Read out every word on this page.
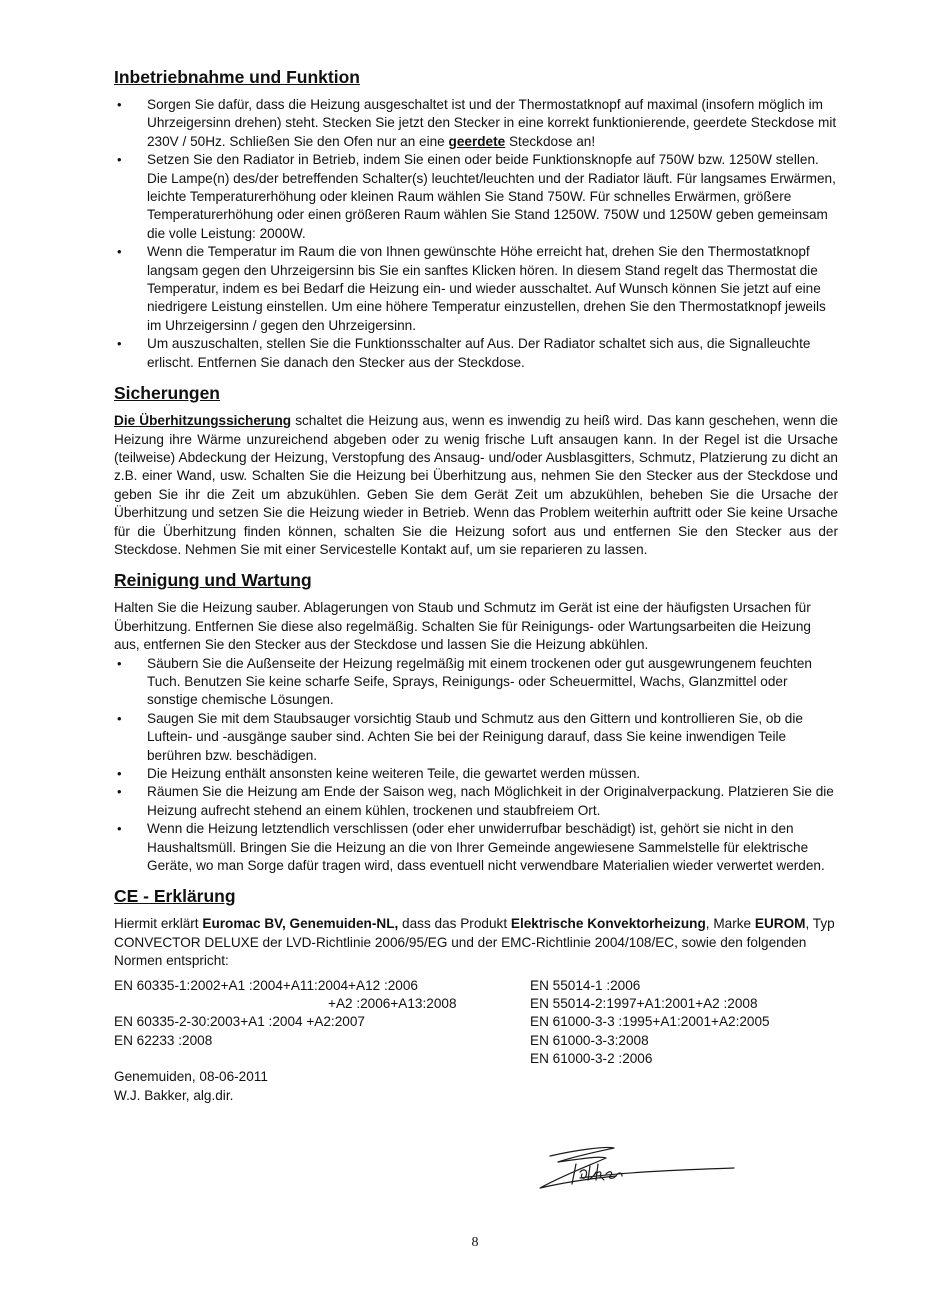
Inbetriebnahme und Funktion
• Sorgen Sie dafür, dass die Heizung ausgeschaltet ist und der Thermostatknopf auf maximal (insofern möglich im Uhrzeigersinn drehen) steht. Stecken Sie jetzt den Stecker in eine korrekt funktionierende, geerdete Steckdose mit 230V / 50Hz. Schließen Sie den Ofen nur an eine geerdete Steckdose an!
• Setzen Sie den Radiator in Betrieb, indem Sie einen oder beide Funktionsknopfe auf 750W bzw. 1250W stellen. Die Lampe(n) des/der betreffenden Schalter(s) leuchtet/leuchten und der Radiator läuft. Für langsames Erwärmen, leichte Temperaturerhöhung oder kleinen Raum wählen Sie Stand 750W. Für schnelles Erwärmen, größere Temperaturerhöhung oder einen größeren Raum wählen Sie Stand 1250W. 750W und 1250W geben gemeinsam die volle Leistung: 2000W.
• Wenn die Temperatur im Raum die von Ihnen gewünschte Höhe erreicht hat, drehen Sie den Thermostatknopf langsam gegen den Uhrzeigersinn bis Sie ein sanftes Klicken hören. In diesem Stand regelt das Thermostat die Temperatur, indem es bei Bedarf die Heizung ein- und wieder ausschaltet. Auf Wunsch können Sie jetzt auf eine niedrigere Leistung einstellen. Um eine höhere Temperatur einzustellen, drehen Sie den Thermostatknopf jeweils im Uhrzeigersinn / gegen den Uhrzeigersinn.
• Um auszuschalten, stellen Sie die Funktionsschalter auf Aus. Der Radiator schaltet sich aus, die Signalleuchte erlischt. Entfernen Sie danach den Stecker aus der Steckdose.
Sicherungen

Die Überhitzungssicherung schaltet die Heizung aus, wenn es inwendig zu heiß wird. Das kann geschehen, wenn die Heizung ihre Wärme unzureichend abgeben oder zu wenig frische Luft ansaugen kann. In der Regel ist die Ursache (teilweise) Abdeckung der Heizung, Verstopfung des Ansaug- und/oder Ausblasgitters, Schmutz, Platzierung zu dicht an z.B. einer Wand, usw. Schalten Sie die Heizung bei Überhitzung aus, nehmen Sie den Stecker aus der Steckdose und geben Sie ihr die Zeit um abzukühlen. Geben Sie dem Gerät Zeit um abzukühlen, beheben Sie die Ursache der Überhitzung und setzen Sie die Heizung wieder in Betrieb. Wenn das Problem weiterhin auftritt oder Sie keine Ursache für die Überhitzung finden können, schalten Sie die Heizung sofort aus und entfernen Sie den Stecker aus der Steckdose. Nehmen Sie mit einer Servicestelle Kontakt auf, um sie reparieren zu lassen.

Reinigung und Wartung

Halten Sie die Heizung sauber. Ablagerungen von Staub und Schmutz im Gerät ist eine der häufigsten Ursachen für Überhitzung. Entfernen Sie diese also regelmäßig. Schalten Sie für Reinigungs- oder Wartungsarbeiten die Heizung aus, entfernen Sie den Stecker aus der Steckdose und lassen Sie die Heizung abkühlen.

• Säubern Sie die Außenseite der Heizung regelmäßig mit einem trockenen oder gut ausgewrungenem feuchten Tuch. Benutzen Sie keine scharfe Seife, Sprays, Reinigungs- oder Scheuermittel, Wachs, Glanzmittel oder sonstige chemische Lösungen.
• Saugen Sie mit dem Staubsauger vorsichtig Staub und Schmutz aus den Gittern und kontrollieren Sie, ob die Luftein- und -ausgänge sauber sind. Achten Sie bei der Reinigung darauf, dass Sie keine inwendigen Teile berühren bzw. beschädigen.
• Die Heizung enthält ansonsten keine weiteren Teile, die gewartet werden müssen.
• Räumen Sie die Heizung am Ende der Saison weg, nach Möglichkeit in der Originalverpackung. Platzieren Sie die Heizung aufrecht stehend an einem kühlen, trockenen und staubfreiem Ort.
• Wenn die Heizung letztendlich verschlissen (oder eher unwiderrufbar beschädigt) ist, gehört sie nicht in den Haushaltsmüll. Bringen Sie die Heizung an die von Ihrer Gemeinde angewiesene Sammelstelle für elektrische Geräte, wo man Sorge dafür tragen wird, dass eventuell nicht verwendbare Materialien wieder verwertet werden.
CE - Erklärung

Hiermit erklärt Euromac BV, Genemuiden-NL, dass das Produkt Elektrische Konvektorheizung, Marke EUROM, Typ CONVECTOR DELUXE der LVD-Richtlinie 2006/95/EG und der EMC-Richtlinie 2004/108/EC, sowie den folgenden Normen entspricht:

EN 60335-1:2002+A1 :2004+A11:2004+A12 :2006
+A2 :2006+A13:2008
EN 60335-2-30:2003+A1 :2004 +A2:2007
EN 62233 :2008
Genemuiden, 08-06-2011
W.J. Bakker, alg.dir.
EN 55014-1 :2006
EN 55014-2:1997+A1:2001+A2 :2008
EN 61000-3-3 :1995+A1:2001+A2:2005
EN 61000-3-3:2008
EN 61000-3-2 :2006
8
